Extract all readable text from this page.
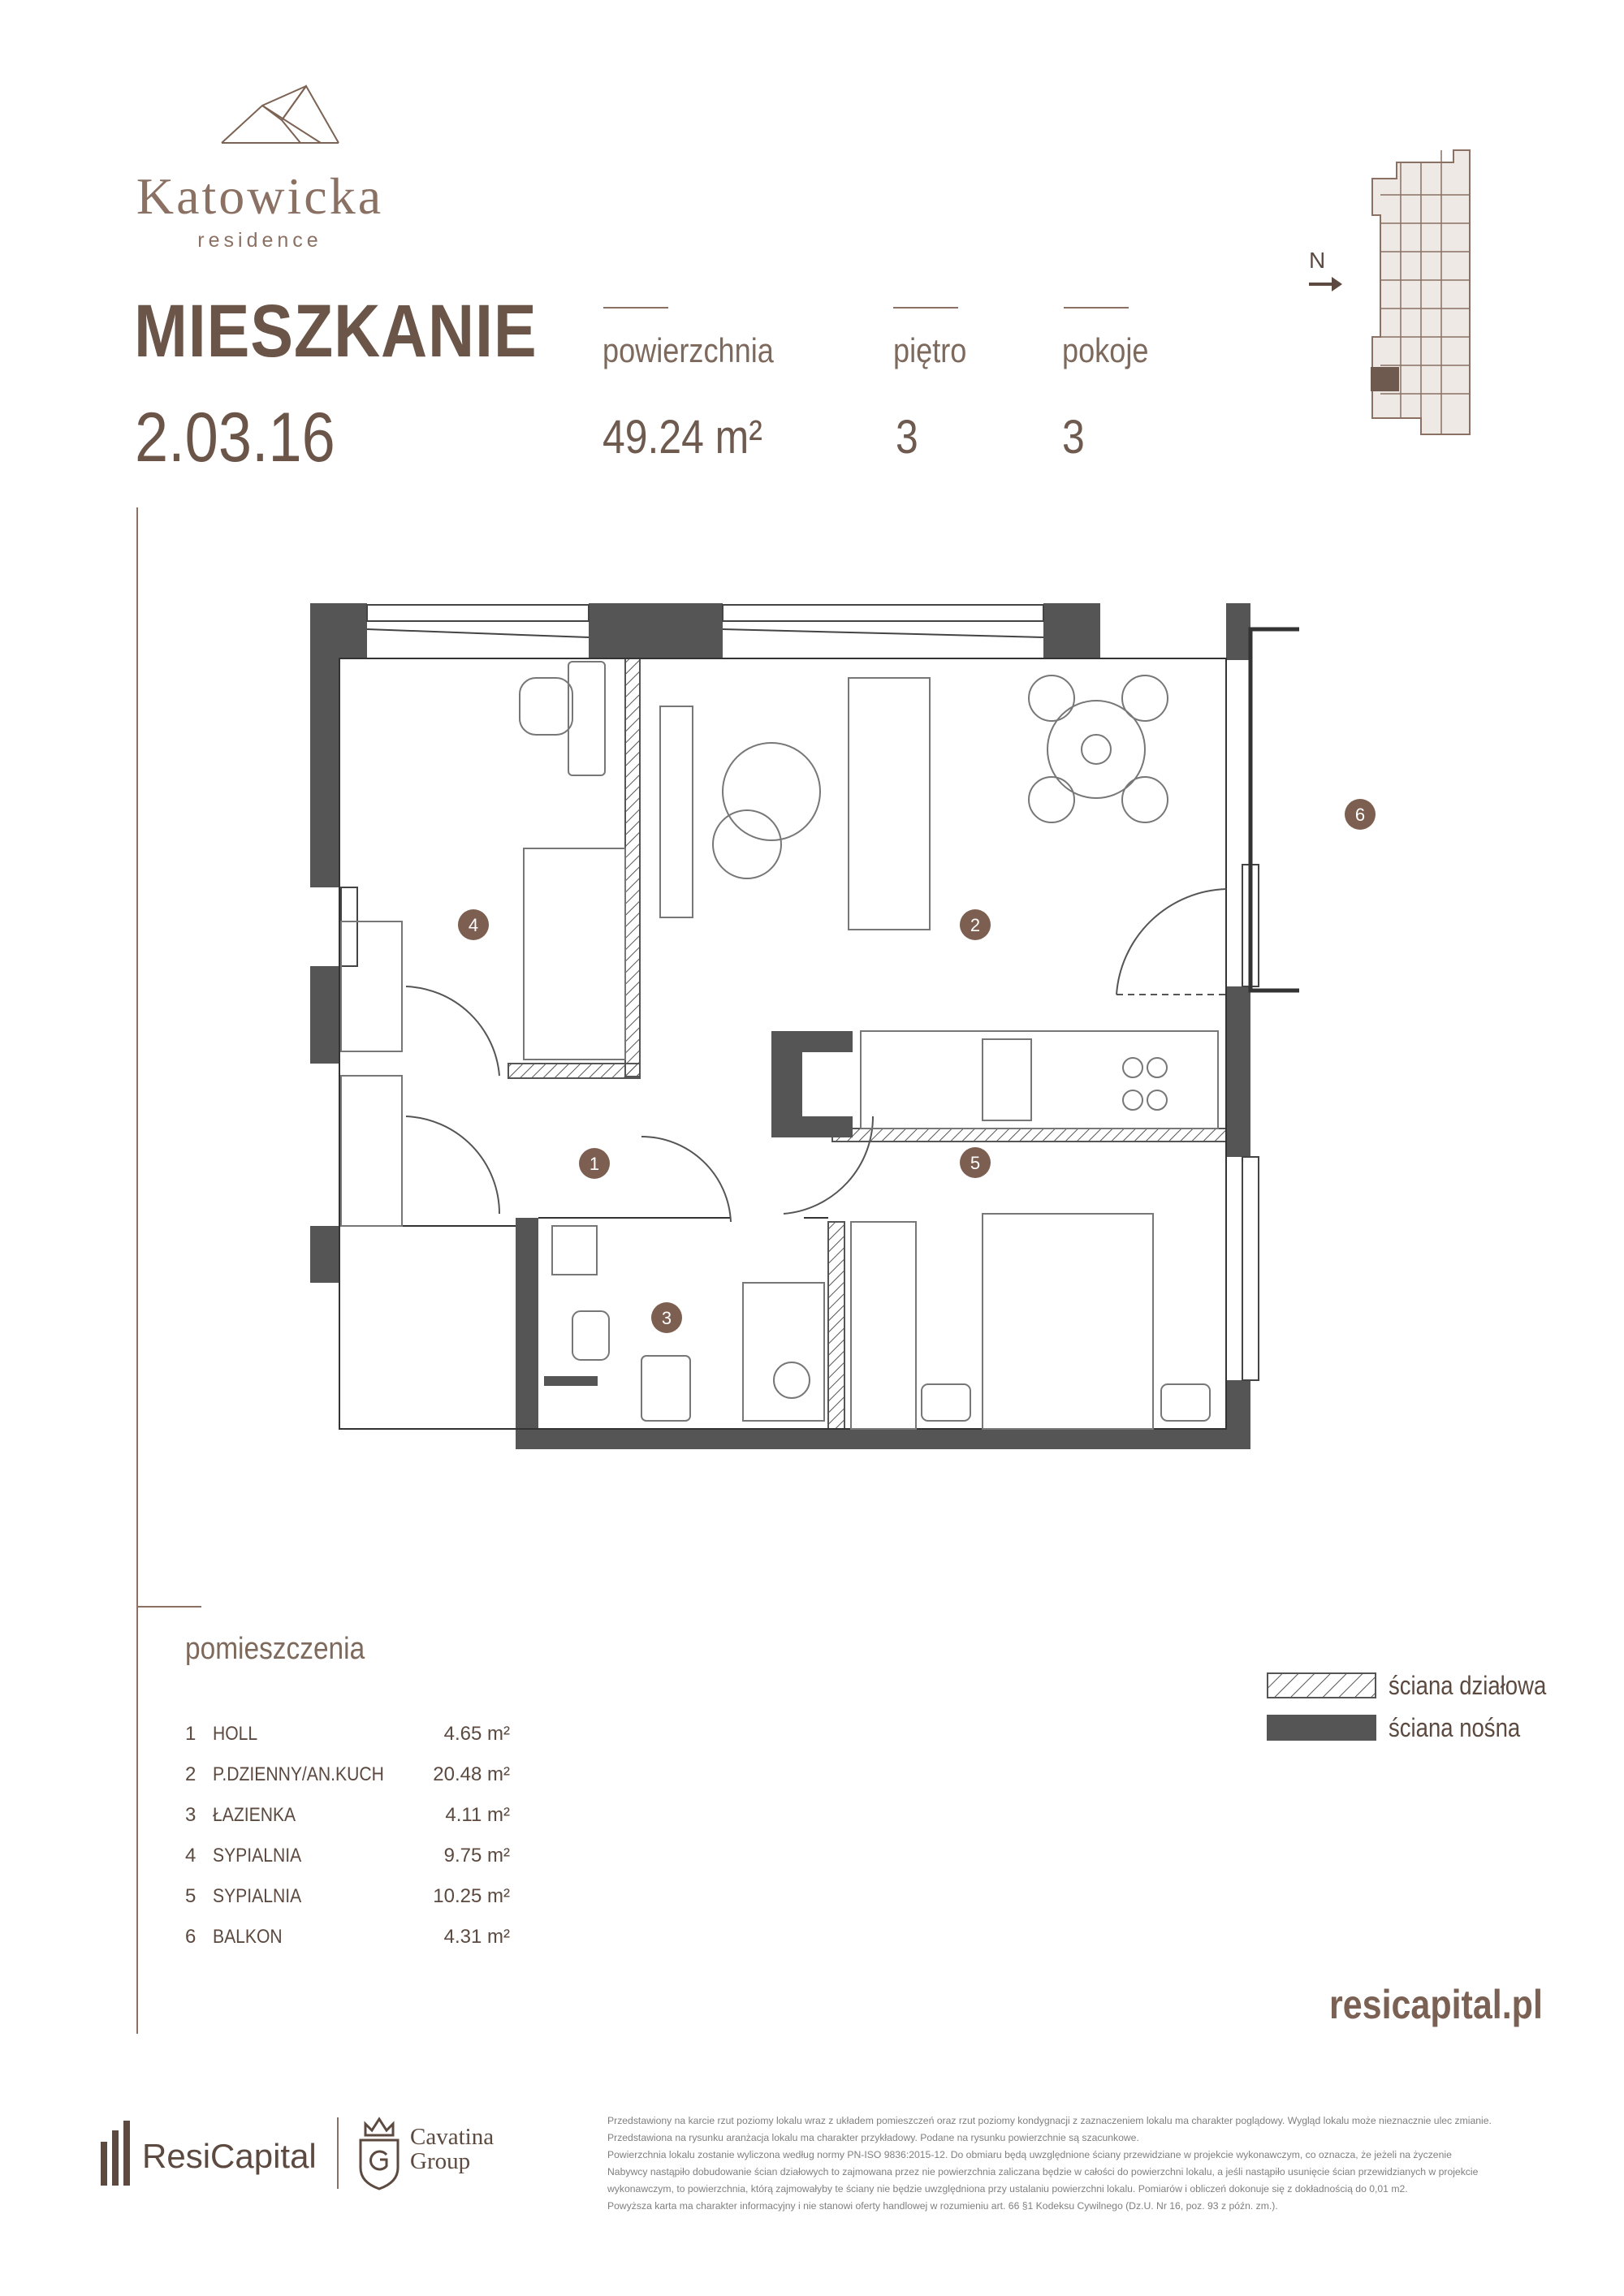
Katowicka
residence
MIESZKANIE
2.03.16
powierzchnia
49.24 m²
piętro
3
pokoje
3
N
1
2
3
4
5
6
pomieszczenia
1 HOLL	4.65 m²
2 P.DZIENNY/AN.KUCH	20.48 m²
3 ŁAZIENKA	4.11 m²
4 SYPIALNIA	9.75 m²
5 SYPIALNIA	10.25 m²
6 BALKON	4.31 m²
ściana działowa
ściana nośna
resicapital.pl
ResiCapital	Cavatina
Group

Przedstawiony na karcie rzut poziomy lokalu wraz z układem pomieszczeń oraz rzut poziomy kondygnacji z zaznaczeniem lokalu ma charakter poglądowy. Wygląd lokalu może nieznacznie ulec zmianie.

Przedstawiona na rysunku aranżacja lokalu ma charakter przykładowy. Podane na rysunku powierzchnie są szacunkowe.

Powierzchnia lokalu zostanie wyliczona według normy PN-ISO 9836:2015-12. Do obmiaru będą uwzględnione ściany przewidziane w projekcie wykonawczym, co oznacza, że jeżeli na życzenie

Nabywcy nastąpiło dobudowanie ścian działowych to zajmowana przez nie powierzchnia zaliczana będzie w całości do powierzchni lokalu, a jeśli nastąpiło usunięcie ścian przewidzianych w projekcie

wykonawczym, to powierzchnia, którą zajmowałyby te ściany nie będzie uwzględniona przy ustalaniu powierzchni lokalu. Pomiarów i obliczeń dokonuje się z dokładnością do 0,01 m2.

Powyższa karta ma charakter informacyjny i nie stanowi oferty handlowej w rozumieniu art. 66 §1 Kodeksu Cywilnego (Dz.U. Nr 16, poz. 93 z późn. zm.).
